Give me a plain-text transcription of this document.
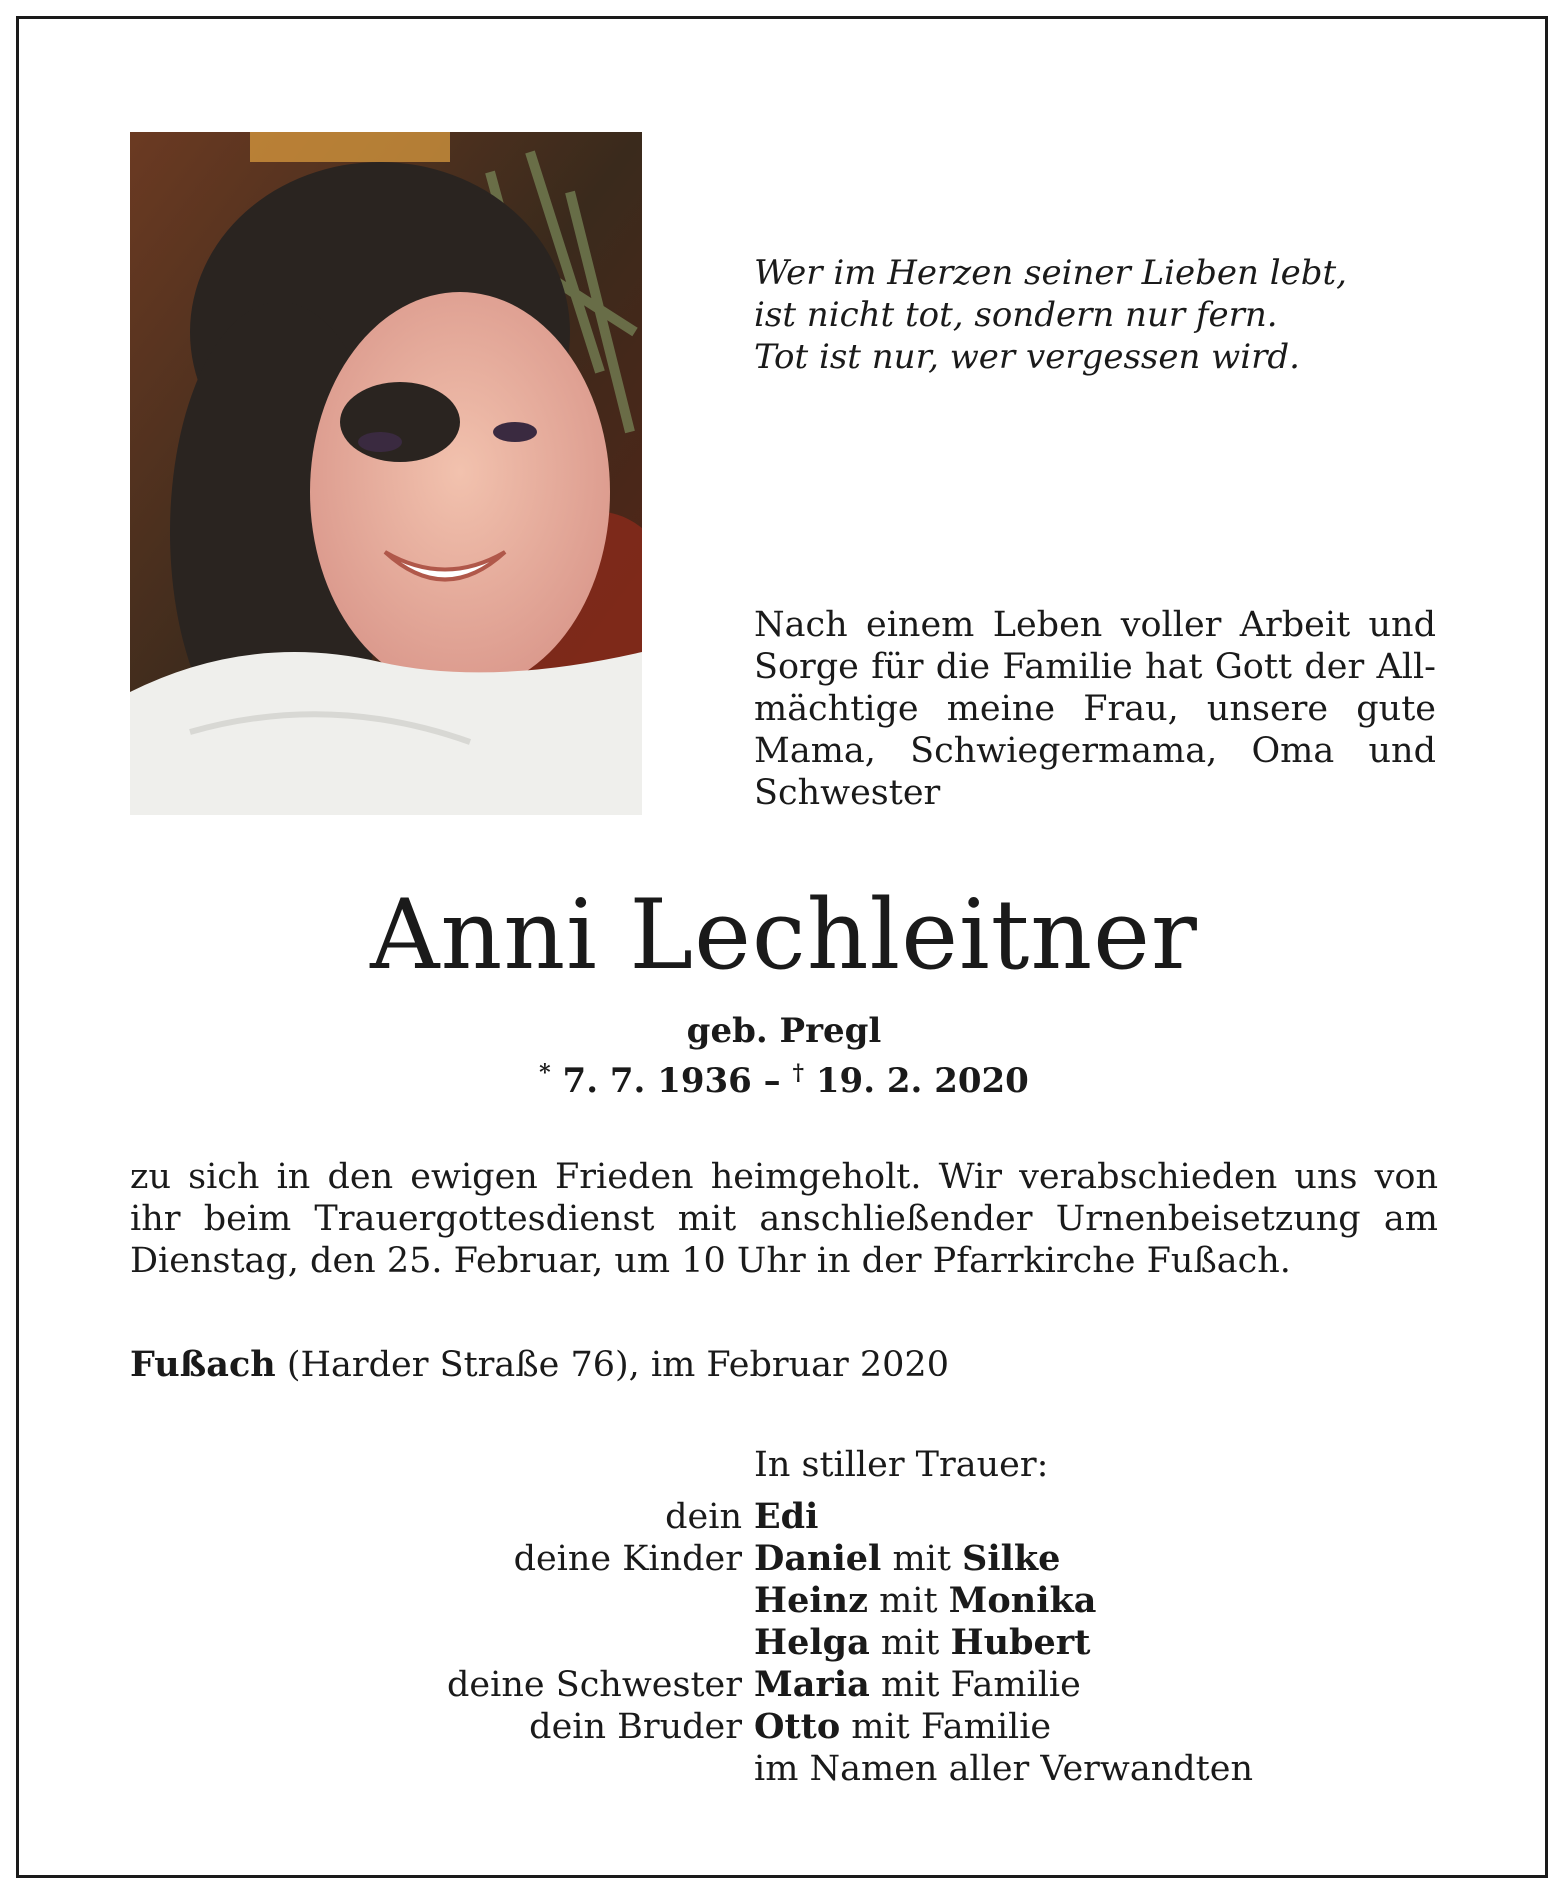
Wer im Herzen seiner Lieben lebt,
ist nicht tot, sondern nur fern.
Tot ist nur, wer vergessen wird.
Nach einem Leben voller Arbeit und Sorge für die Familie hat Gott der All-mächtige meine Frau, unsere gute Mama, Schwiegermama, Oma und Schwester
Anni Lechleitner
geb. Pregl
* 7. 7. 1936 – † 19. 2. 2020
zu sich in den ewigen Frieden heimgeholt. Wir verabschieden uns von ihr beim Trauergottesdienst mit anschließender Urnenbeisetzung am Dienstag, den 25. Februar, um 10 Uhr in der Pfarrkirche Fußach.
Fußach (Harder Straße 76), im Februar 2020
In stiller Trauer:
dein Edi
deine Kinder Daniel mit Silke
Heinz mit Monika
Helga mit Hubert
deine Schwester Maria mit Familie
dein Bruder Otto mit Familie
im Namen aller Verwandten
